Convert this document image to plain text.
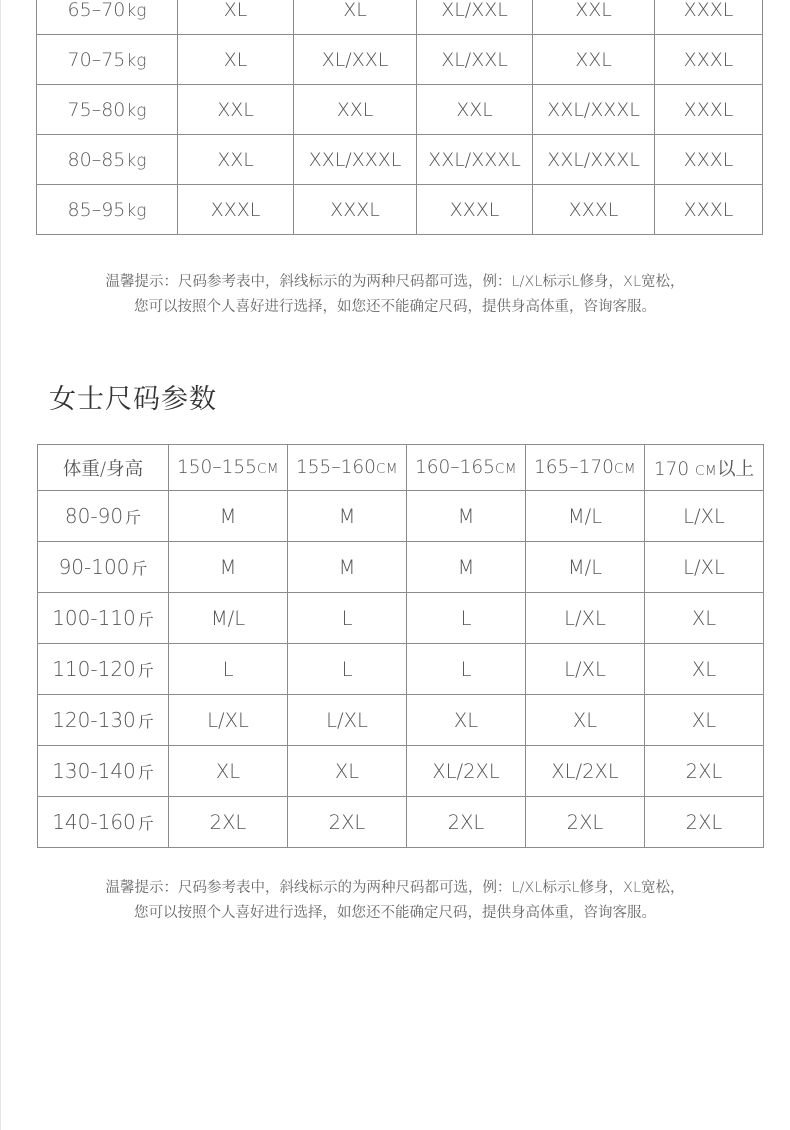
65–70kg	XL	XL	XL/XXL	XXL	XXXL
70–75kg	XL	XL/XXL	XL/XXL	XXL	XXXL
75–80kg	XXL	XXL	XXL	XXL/XXXL	XXXL
80–85kg	XXL	XXL/XXXL	XXL/XXXL	XXL/XXXL	XXXL
85–95kg	XXXL	XXXL	XXXL	XXXL	XXXL
温馨提示：尺码参考表中，斜线标示的为两种尺码都可选，例：L/XL标示L修身，XL宽松，
您可以按照个人喜好进行选择，如您还不能确定尺码，提供身高体重，咨询客服。
女士尺码参数
体重/身高	150–155CM	155–160CM	160–165CM	165–170CM	170 CM以上
80-90 斤	M	M	M	M/L	L/XL
90-100 斤	M	M	M	M/L	L/XL
100-110 斤	M/L	L	L	L/XL	XL
110-120 斤	L	L	L	L/XL	XL
120-130 斤	L/XL	L/XL	XL	XL	XL
130-140 斤	XL	XL	XL/2XL	XL/2XL	2XL
140-160 斤	2XL	2XL	2XL	2XL	2XL
温馨提示：尺码参考表中，斜线标示的为两种尺码都可选，例：L/XL标示L修身，XL宽松，
您可以按照个人喜好进行选择，如您还不能确定尺码，提供身高体重，咨询客服。
